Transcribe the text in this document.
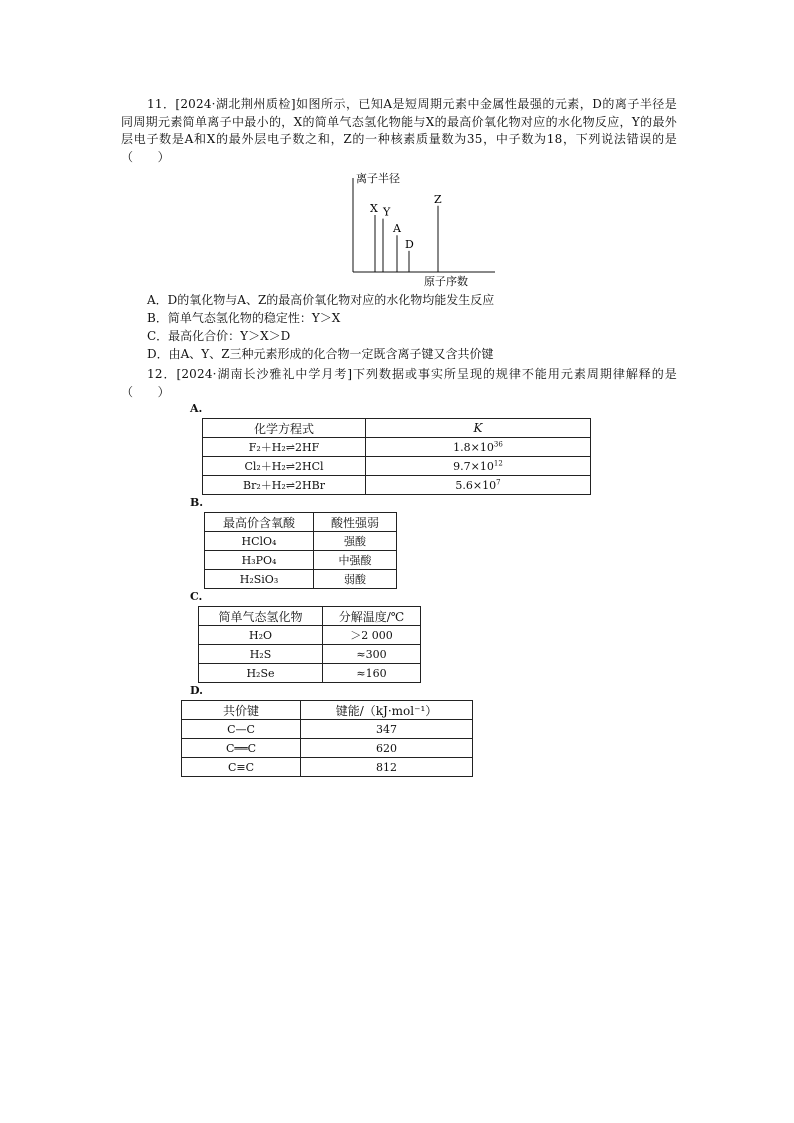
11．[2024·湖北荆州质检]如图所示，已知A是短周期元素中金属性最强的元素，D的离子半径是同周期元素简单离子中最小的，X的简单气态氢化物能与X的最高价氧化物对应的水化物反应，Y的最外层电子数是A和X的最外层电子数之和，Z的一种核素质量数为35，中子数为18，下列说法错误的是（　　）
离子半径
原子序数
X Y
A
D
Z
A．D的氧化物与A、Z的最高价氧化物对应的水化物均能发生反应
B．简单气态氢化物的稳定性：Y＞X
C．最高化合价：Y＞X＞D
D．由A、Y、Z三种元素形成的化合物一定既含离子键又含共价键
12．[2024·湖南长沙雅礼中学月考]下列数据或事实所呈现的规律不能用元素周期律解释的是（　　）
A.
化学方程式	K
F₂＋H₂⇌2HF	$1.8\times 10^{36}$
Cl₂＋H₂⇌2HCl	$9.7\times 10^{12}$
Br₂＋H₂⇌2HBr	$5.6\times 10^7$
B.
最高价含氧酸	酸性强弱
HClO₄	强酸
H₃PO₄	中强酸
H₂SiO₃	弱酸
C.
简单气态氢化物	分解温度/℃
H₂O	＞2 000
H₂S	≈300
H₂Se	≈160
D.
共价键	键能/（kJ·mol⁻¹）
C—C	347
C══C	620
C≡C	812
